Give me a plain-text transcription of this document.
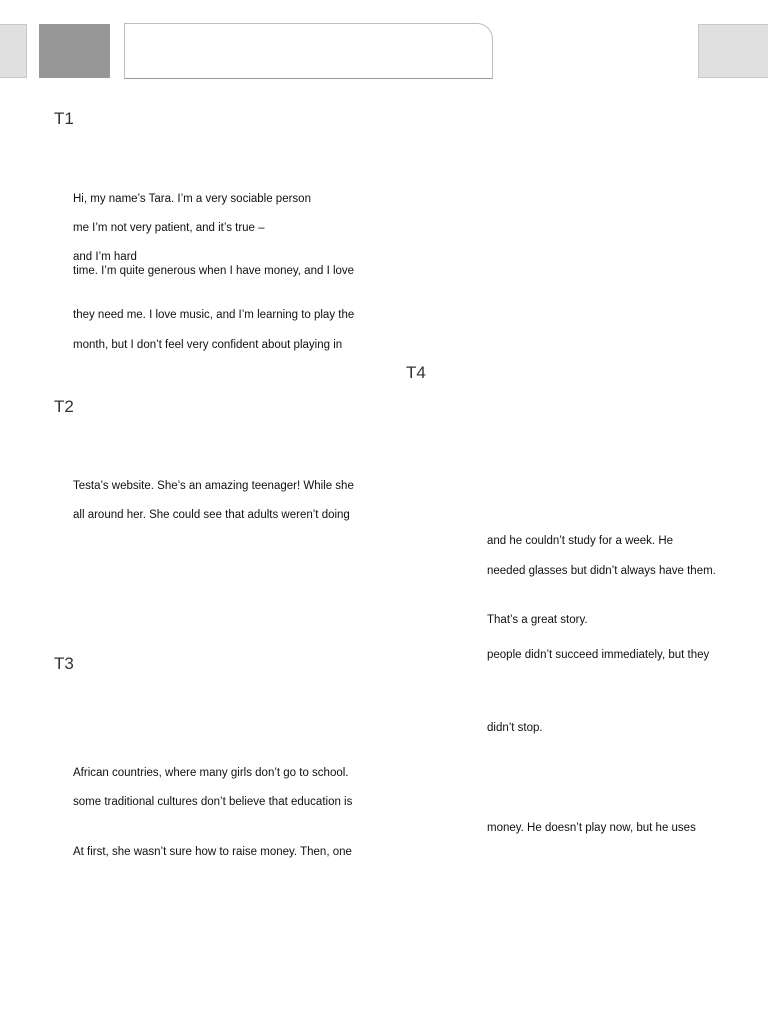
T1
Hi, my name’s Tara. I’m a very sociable person
me I’m not very patient, and it’s true –
and I’m hard
time. I’m quite generous when I have money, and I love
they need me. I love music, and I’m learning to play the
month, but I don’t feel very confident about playing in
T2
Testa’s website. She’s an amazing teenager! While she
all around her. She could see that adults weren’t doing
T3
African countries, where many girls don’t go to school.
some traditional cultures don’t believe that education is
At first, she wasn’t sure how to raise money. Then, one
T4
and he couldn’t study for a week. He
needed glasses but didn’t always have them.
That’s a great story.
people didn’t succeed immediately, but they
didn’t stop.
money. He doesn’t play now, but he uses
